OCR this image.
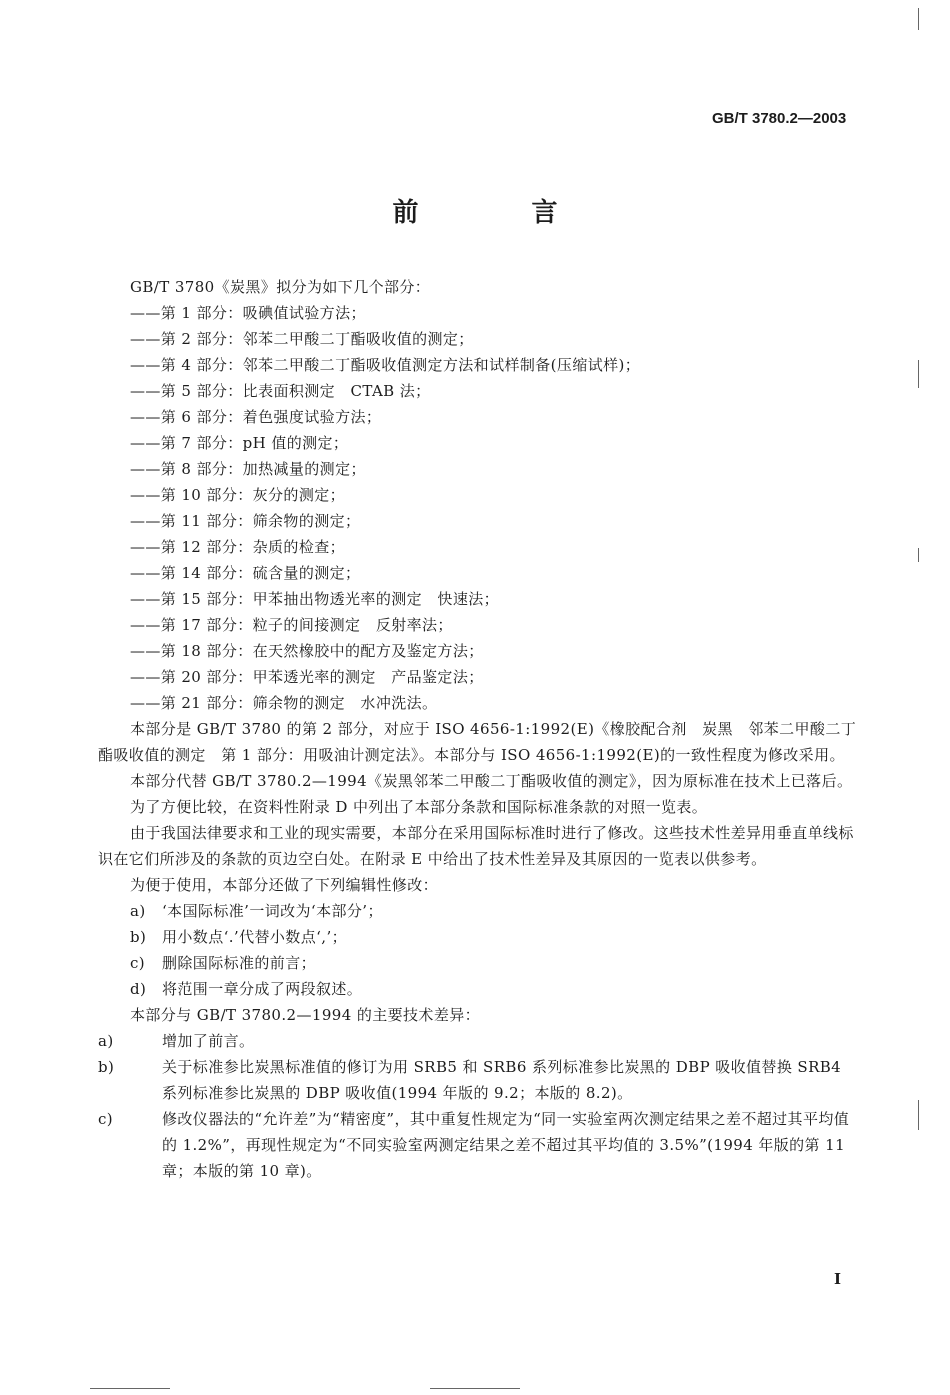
GB/T 3780.2—2003
前 言

GB/T 3780《炭黑》拟分为如下几个部分：

——第 1 部分：吸碘值试验方法；

——第 2 部分：邻苯二甲酸二丁酯吸收值的测定；

——第 4 部分：邻苯二甲酸二丁酯吸收值测定方法和试样制备(压缩试样)；

——第 5 部分：比表面积测定　CTAB 法；

——第 6 部分：着色强度试验方法；

——第 7 部分：pH 值的测定；

——第 8 部分：加热减量的测定；

——第 10 部分：灰分的测定；

——第 11 部分：筛余物的测定；

——第 12 部分：杂质的检查；

——第 14 部分：硫含量的测定；

——第 15 部分：甲苯抽出物透光率的测定　快速法；

——第 17 部分：粒子的间接测定　反射率法；

——第 18 部分：在天然橡胶中的配方及鉴定方法；

——第 20 部分：甲苯透光率的测定　产品鉴定法；

——第 21 部分：筛余物的测定　水冲洗法。

本部分是 GB/T 3780 的第 2 部分，对应于 ISO 4656-1:1992(E)《橡胶配合剂　炭黑　邻苯二甲酸二丁酯吸收值的测定　第 1 部分：用吸油计测定法》。本部分与 ISO 4656-1:1992(E)的一致性程度为修改采用。

本部分代替 GB/T 3780.2—1994《炭黑邻苯二甲酸二丁酯吸收值的测定》，因为原标准在技术上已落后。

为了方便比较，在资料性附录 D 中列出了本部分条款和国际标准条款的对照一览表。

由于我国法律要求和工业的现实需要，本部分在采用国际标准时进行了修改。这些技术性差异用垂直单线标识在它们所涉及的条款的页边空白处。在附录 E 中给出了技术性差异及其原因的一览表以供参考。

为便于使用，本部分还做了下列编辑性修改：

a) ‘本国际标准’一词改为‘本部分’；

b) 用小数点‘.’代替小数点‘,’；

c) 删除国际标准的前言；

d) 将范围一章分成了两段叙述。

本部分与 GB/T 3780.2—1994 的主要技术差异：

a)	增加了前言。

b)	关于标准参比炭黑标准值的修订为用 SRB5 和 SRB6 系列标准参比炭黑的 DBP 吸收值替换 SRB4 系列标准参比炭黑的 DBP 吸收值(1994 年版的 9.2；本版的 8.2)。

c)	修改仪器法的“允许差”为“精密度”，其中重复性规定为“同一实验室两次测定结果之差不超过其平均值的 1.2%”，再现性规定为“不同实验室两测定结果之差不超过其平均值的 3.5%”(1994 年版的第 11 章；本版的第 10 章)。

I
